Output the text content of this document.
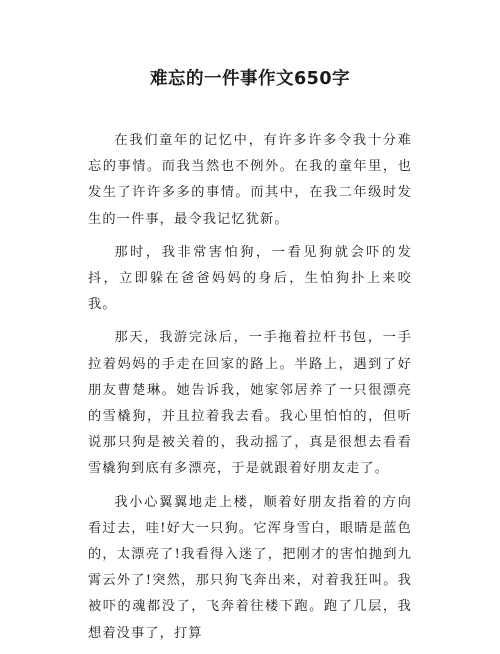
难忘的一件事作文650字

在我们童年的记忆中，有许多许多令我十分难忘的事情。而我当然也不例外。在我的童年里，也发生了许许多多的事情。而其中，在我二年级时发生的一件事，最令我记忆犹新。

那时，我非常害怕狗，一看见狗就会吓的发抖，立即躲在爸爸妈妈的身后，生怕狗扑上来咬我。

那天，我游完泳后，一手拖着拉杆书包，一手拉着妈妈的手走在回家的路上。半路上，遇到了好朋友曹楚琳。她告诉我，她家邻居养了一只很漂亮的雪橇狗，并且拉着我去看。我心里怕怕的，但听说那只狗是被关着的，我动摇了，真是很想去看看雪橇狗到底有多漂亮，于是就跟着好朋友走了。

我小心翼翼地走上楼，顺着好朋友指着的方向看过去，哇!好大一只狗。它浑身雪白，眼睛是蓝色的，太漂亮了!我看得入迷了，把刚才的害怕抛到九霄云外了!突然，那只狗飞奔出来，对着我狂叫。我被吓的魂都没了，飞奔着往楼下跑。跑了几层，我想着没事了，打算
